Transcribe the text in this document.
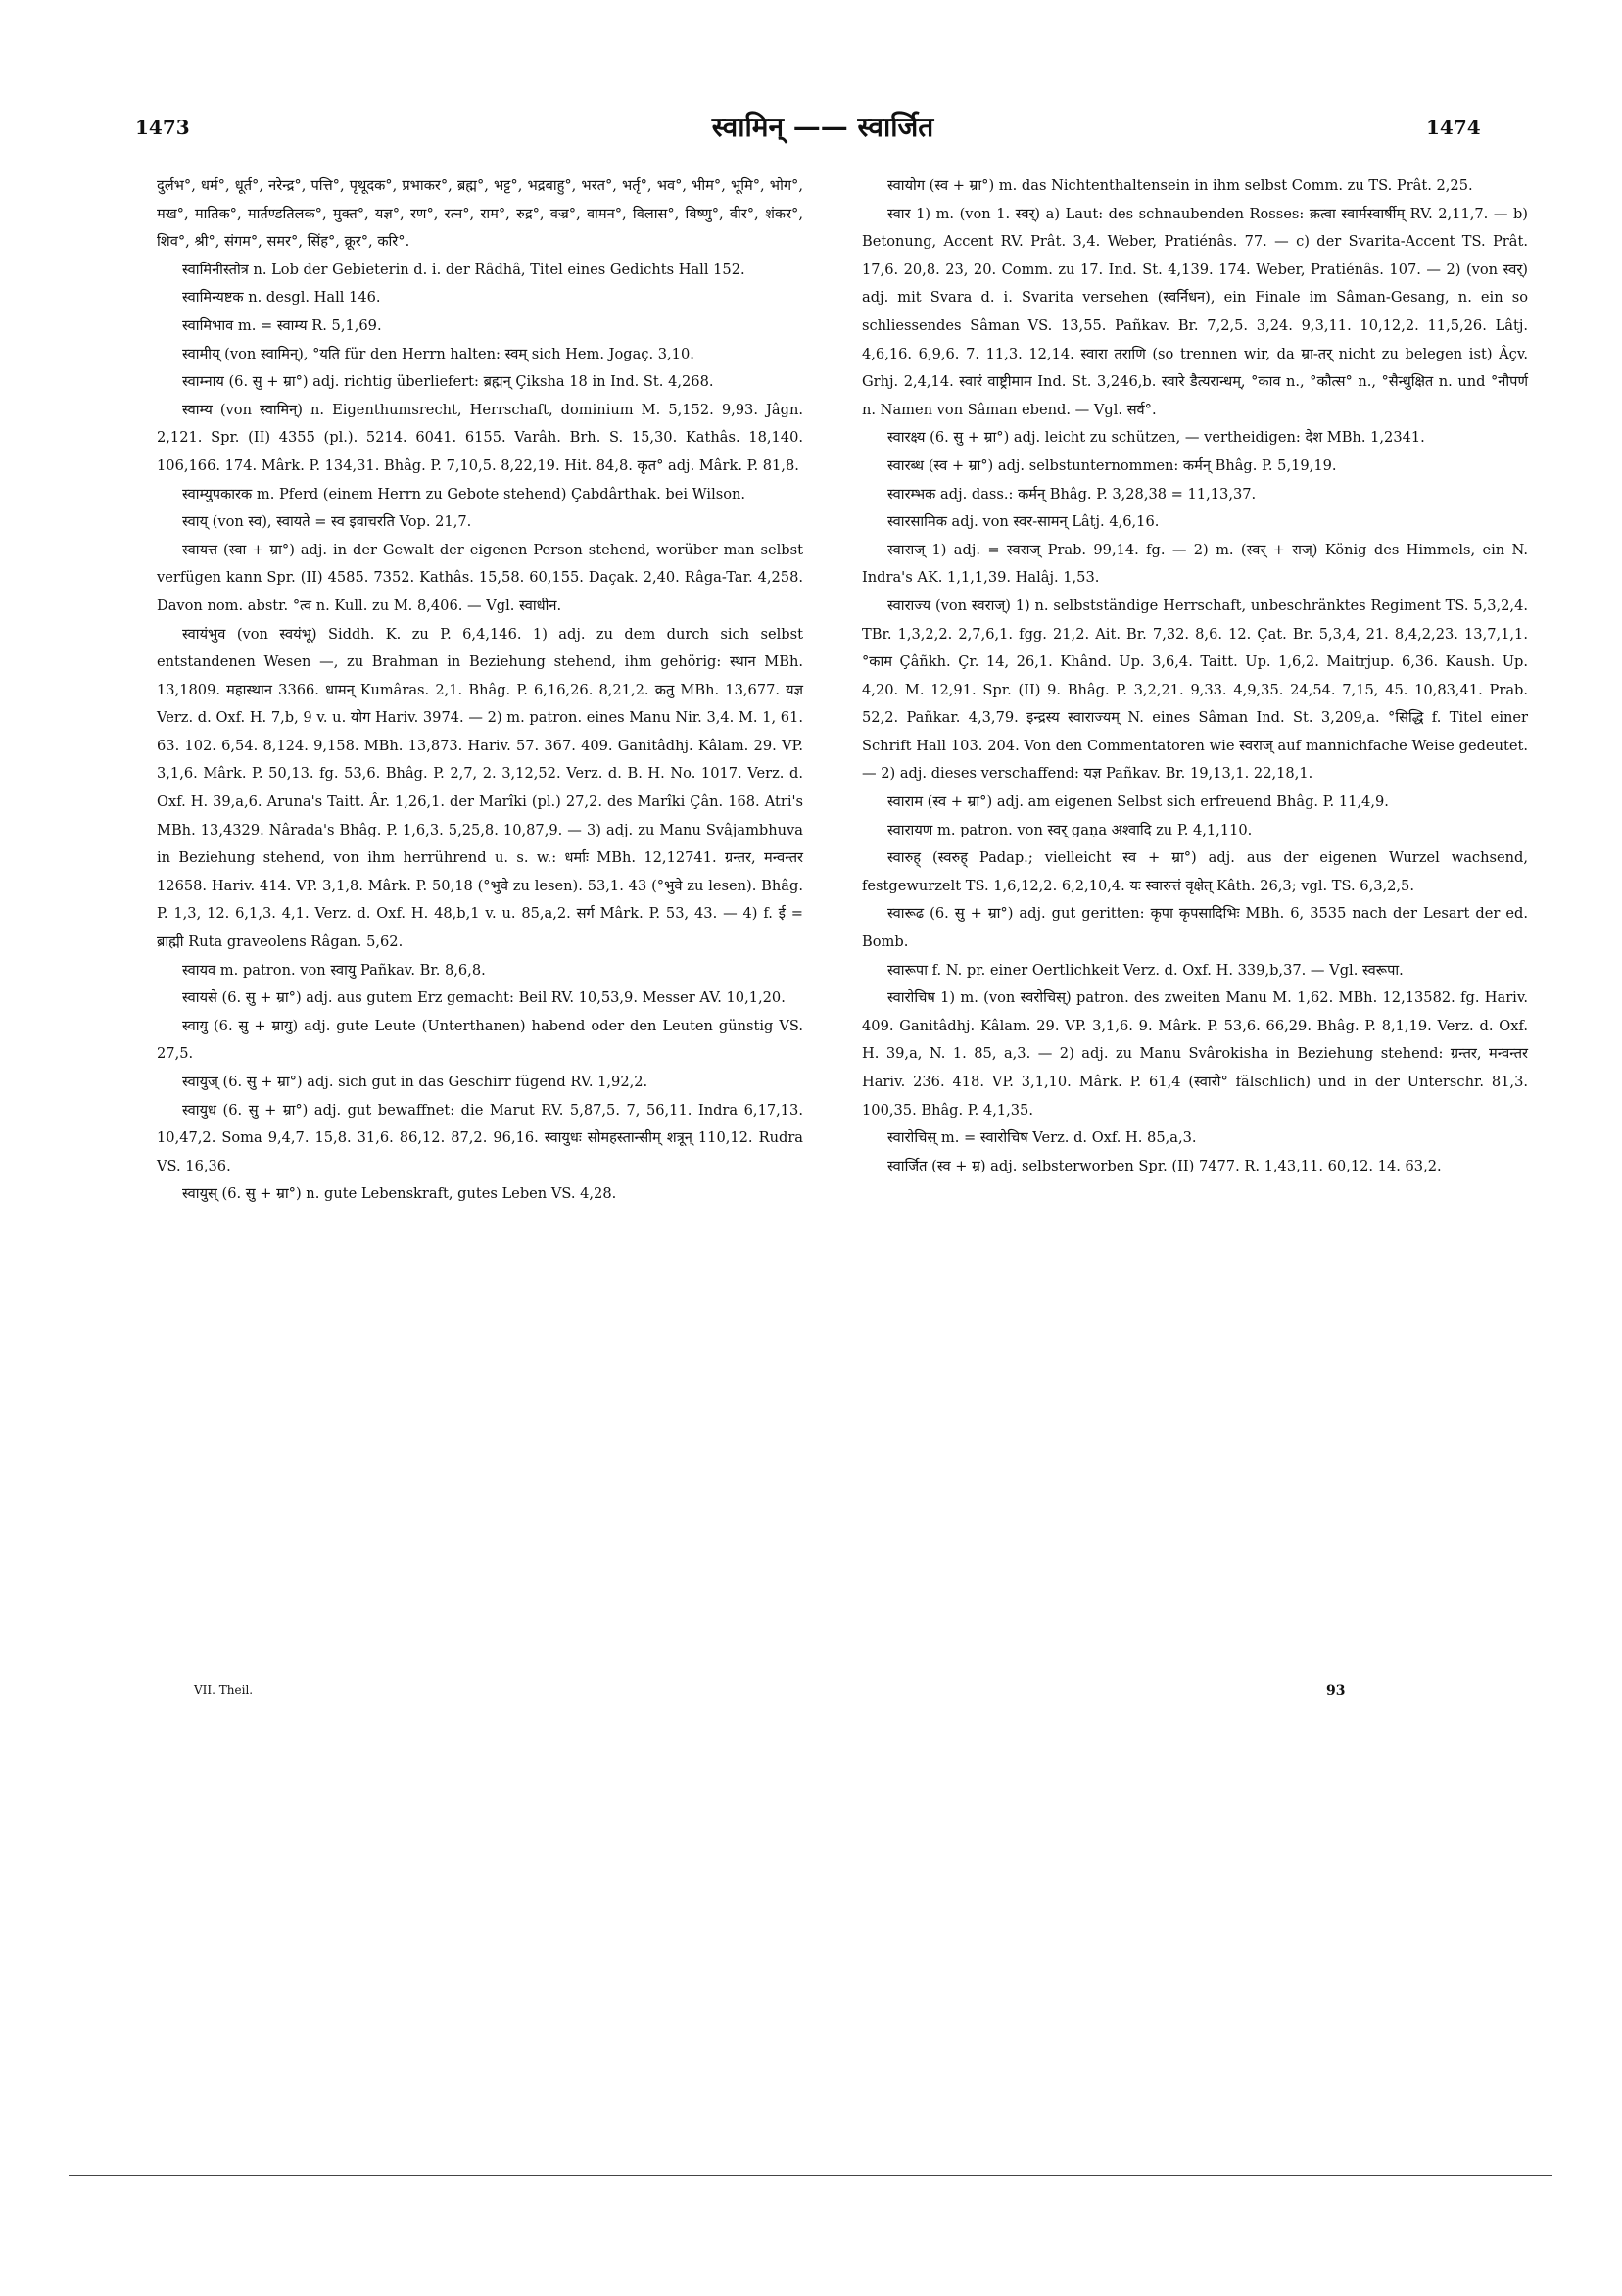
1473	स्वामिन् —— स्वार्जित	1474

दुर्लभ°, धर्म°, धूर्त°, नरेन्द्र°, पत्ति°, पृथूदक°, प्रभाकर°, ब्रह्म°, भट्ट°, भद्रबाहु°, भरत°, भर्तृ°, भव°, भीम°, भूमि°, भोग°, मख°, मातिक°, मार्तण्डतिलक°, मुक्त°, यज्ञ°, रण°, रत्न°, राम°, रुद्र°, वज्र°, वामन°, विलास°, विष्णु°, वीर°, शंकर°, शिव°, श्री°, संगम°, समर°, सिंह°, क्रूर°, करि°.

स्वामिनीस्तोत्र n. Lob der Gebieterin d. i. der Râdhâ, Titel eines Gedichts Hall 152.

स्वामिन्यष्टक n. desgl. Hall 146.

स्वामिभाव m. = स्वाम्य R. 5,1,69.

स्वामीय् (von स्वामिन्), °यति für den Herrn halten: स्वम् sich Hem. Jogaç. 3,10.

स्वाम्नाय (6. सु + म्रा°) adj. richtig überliefert: ब्रह्मन् Çiksha 18 in Ind. St. 4,268.

स्वाम्य (von स्वामिन्) n. Eigenthumsrecht, Herrschaft, dominium M. 5,152. 9,93. Jâgn. 2,121. Spr. (II) 4355 (pl.). 5214. 6041. 6155. Varâh. Brh. S. 15,30. Kathâs. 18,140. 106,166. 174. Mârk. P. 134,31. Bhâg. P. 7,10,5. 8,22,19. Hit. 84,8. कृत° adj. Mârk. P. 81,8.

स्वाम्युपकारक m. Pferd (einem Herrn zu Gebote stehend) Çabdârthak. bei Wilson.

स्वाय् (von स्व), स्वायते = स्व इवाचरति Vop. 21,7.

स्वायत्त (स्वा + म्रा°) adj. in der Gewalt der eigenen Person stehend, worüber man selbst verfügen kann Spr. (II) 4585. 7352. Kathâs. 15,58. 60,155. Daçak. 2,40. Râga-Tar. 4,258. Davon nom. abstr. °त्व n. Kull. zu M. 8,406. — Vgl. स्वाधीन.

स्वायंभुव (von स्वयंभू) Siddh. K. zu P. 6,4,146. 1) adj. zu dem durch sich selbst entstandenen Wesen —, zu Brahman in Beziehung stehend, ihm gehörig: स्थान MBh. 13,1809. महास्थान 3366. धामन् Kumâras. 2,1. Bhâg. P. 6,16,26. 8,21,2. क्रतु MBh. 13,677. यज्ञ Verz. d. Oxf. H. 7,b, 9 v. u. योग Hariv. 3974. — 2) m. patron. eines Manu Nir. 3,4. M. 1, 61. 63. 102. 6,54. 8,124. 9,158. MBh. 13,873. Hariv. 57. 367. 409. Ganitâdhj. Kâlam. 29. VP. 3,1,6. Mârk. P. 50,13. fg. 53,6. Bhâg. P. 2,7, 2. 3,12,52. Verz. d. B. H. No. 1017. Verz. d. Oxf. H. 39,a,6. Aruna's Taitt. Âr. 1,26,1. der Marîki (pl.) 27,2. des Marîki Çân. 168. Atri's MBh. 13,4329. Nârada's Bhâg. P. 1,6,3. 5,25,8. 10,87,9. — 3) adj. zu Manu Svâjambhuva in Beziehung stehend, von ihm herrührend u. s. w.: धर्माः MBh. 12,12741. ग्रन्तर, मन्वन्तर 12658. Hariv. 414. VP. 3,1,8. Mârk. P. 50,18 (°भुवे zu lesen). 53,1. 43 (°भुवे zu lesen). Bhâg. P. 1,3, 12. 6,1,3. 4,1. Verz. d. Oxf. H. 48,b,1 v. u. 85,a,2. सर्ग Mârk. P. 53, 43. — 4) f. ई = ब्राह्मी Ruta graveolens Râgan. 5,62.

स्वायव m. patron. von स्वायु Pañkav. Br. 8,6,8.

स्वायसे (6. सु + म्रा°) adj. aus gutem Erz gemacht: Beil RV. 10,53,9. Messer AV. 10,1,20.

स्वायु (6. सु + म्रायु) adj. gute Leute (Unterthanen) habend oder den Leuten günstig VS. 27,5.

स्वायुज् (6. सु + म्रा°) adj. sich gut in das Geschirr fügend RV. 1,92,2.

स्वायुध (6. सु + म्रा°) adj. gut bewaffnet: die Marut RV. 5,87,5. 7, 56,11. Indra 6,17,13. 10,47,2. Soma 9,4,7. 15,8. 31,6. 86,12. 87,2. 96,16. स्वायुधः सोमहस्तान्सीम् शत्रून् 110,12. Rudra VS. 16,36.

स्वायुस् (6. सु + म्रा°) n. gute Lebenskraft, gutes Leben VS. 4,28.

स्वायोग (स्व + म्रा°) m. das Nichtenthaltensein in ihm selbst Comm. zu TS. Prât. 2,25.

स्वार 1) m. (von 1. स्वर्) a) Laut: des schnaubenden Rosses: क्रत्वा स्वार्मस्वार्षीम् RV. 2,11,7. — b) Betonung, Accent RV. Prât. 3,4. Weber, Pratiénâs. 77. — c) der Svarita-Accent TS. Prât. 17,6. 20,8. 23, 20. Comm. zu 17. Ind. St. 4,139. 174. Weber, Pratiénâs. 107. — 2) (von स्वर्) adj. mit Svara d. i. Svarita versehen (स्वर्निधन), ein Finale im Sâman-Gesang, n. ein so schliessendes Sâman VS. 13,55. Pañkav. Br. 7,2,5. 3,24. 9,3,11. 10,12,2. 11,5,26. Lâtj. 4,6,16. 6,9,6. 7. 11,3. 12,14. स्वारा तराणि (so trennen wir, da म्रा-तर् nicht zu belegen ist) Âçv. Grhj. 2,4,14. स्वारं वाष्ट्रीमाम Ind. St. 3,246,b. स्वारे डैत्यरान्धम्, °काव n., °कौत्स° n., °सैन्धुक्षित n. und °नौपर्ण n. Namen von Sâman ebend. — Vgl. सर्व°.

स्वारक्ष्य (6. सु + म्रा°) adj. leicht zu schützen, — vertheidigen: देश MBh. 1,2341.

स्वारब्ध (स्व + म्रा°) adj. selbstunternommen: कर्मन् Bhâg. P. 5,19,19.

स्वारम्भक adj. dass.: कर्मन् Bhâg. P. 3,28,38 = 11,13,37.

स्वारसामिक adj. von स्वर-सामन् Lâtj. 4,6,16.

स्वाराज् 1) adj. = स्वराज् Prab. 99,14. fg. — 2) m. (स्वर् + राज्) König des Himmels, ein N. Indra's AK. 1,1,1,39. Halâj. 1,53.

स्वाराज्य (von स्वराज्) 1) n. selbstständige Herrschaft, unbeschränktes Regiment TS. 5,3,2,4. TBr. 1,3,2,2. 2,7,6,1. fgg. 21,2. Ait. Br. 7,32. 8,6. 12. Çat. Br. 5,3,4, 21. 8,4,2,23. 13,7,1,1. °काम Çâñkh. Çr. 14, 26,1. Khând. Up. 3,6,4. Taitt. Up. 1,6,2. Maitrjup. 6,36. Kaush. Up. 4,20. M. 12,91. Spr. (II) 9. Bhâg. P. 3,2,21. 9,33. 4,9,35. 24,54. 7,15, 45. 10,83,41. Prab. 52,2. Pañkar. 4,3,79. इन्द्रस्य स्वाराज्यम् N. eines Sâman Ind. St. 3,209,a. °सिद्धि f. Titel einer Schrift Hall 103. 204. Von den Commentatoren wie स्वराज् auf mannichfache Weise gedeutet. — 2) adj. dieses verschaffend: यज्ञ Pañkav. Br. 19,13,1. 22,18,1.

स्वाराम (स्व + म्रा°) adj. am eigenen Selbst sich erfreuend Bhâg. P. 11,4,9.

स्वारायण m. patron. von स्वर् gaṇa अश्वादि zu P. 4,1,110.

स्वारुह् (स्वरुह् Padap.; vielleicht स्व + म्रा°) adj. aus der eigenen Wurzel wachsend, festgewurzelt TS. 1,6,12,2. 6,2,10,4. यः स्वारुत्तं वृक्षेत् Kâth. 26,3; vgl. TS. 6,3,2,5.

स्वारूढ (6. सु + म्रा°) adj. gut geritten: कृपा कृपसादिभिः MBh. 6, 3535 nach der Lesart der ed. Bomb.

स्वारूपा f. N. pr. einer Oertlichkeit Verz. d. Oxf. H. 339,b,37. — Vgl. स्वरूपा.

स्वारोचिष 1) m. (von स्वरोचिस्) patron. des zweiten Manu M. 1,62. MBh. 12,13582. fg. Hariv. 409. Ganitâdhj. Kâlam. 29. VP. 3,1,6. 9. Mârk. P. 53,6. 66,29. Bhâg. P. 8,1,19. Verz. d. Oxf. H. 39,a, N. 1. 85, a,3. — 2) adj. zu Manu Svârokisha in Beziehung stehend: ग्रन्तर, मन्वन्तर Hariv. 236. 418. VP. 3,1,10. Mârk. P. 61,4 (स्वारो° fälschlich) und in der Unterschr. 81,3. 100,35. Bhâg. P. 4,1,35.

स्वारोचिस् m. = स्वारोचिष Verz. d. Oxf. H. 85,a,3.

स्वार्जित (स्व + म्र) adj. selbsterworben Spr. (II) 7477. R. 1,43,11. 60,12. 14. 63,2.

VII. Theil.	93
